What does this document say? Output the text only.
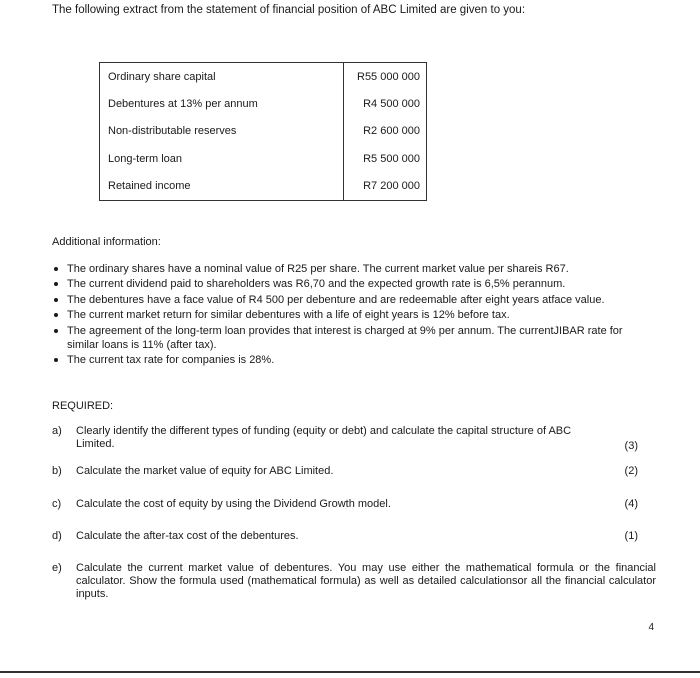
The following extract from the statement of financial position of ABC Limited are given to you:
Ordinary share capital	R55 000 000
Debentures at 13% per annum	R4 500 000
Non-distributable reserves	R2 600 000
Long-term loan	R5 500 000
Retained income	R7 200 000
Additional information:
The ordinary shares have a nominal value of R25 per share. The current market value per shareis R67.
The current dividend paid to shareholders was R6,70 and the expected growth rate is 6,5% perannum.
The debentures have a face value of R4 500 per debenture and are redeemable after eight years atface value.
The current market return for similar debentures with a life of eight years is 12% before tax.
The agreement of the long-term loan provides that interest is charged at 9% per annum. The currentJIBAR rate for similar loans is 11% (after tax).
The current tax rate for companies is 28%.
REQUIRED:
a)	Clearly identify the different types of funding (equity or debt) and calculate the capital structure of ABC Limited.	(3)
b)	Calculate the market value of equity for ABC Limited.	(2)
c)	Calculate the cost of equity by using the Dividend Growth model.	(4)
d)	Calculate the after-tax cost of the debentures.	(1)
e)	Calculate the current market value of debentures. You may use either the mathematical formula or the financial calculator. Show the formula used (mathematical formula) as well as detailed calculationsor all the financial calculator inputs.
4
